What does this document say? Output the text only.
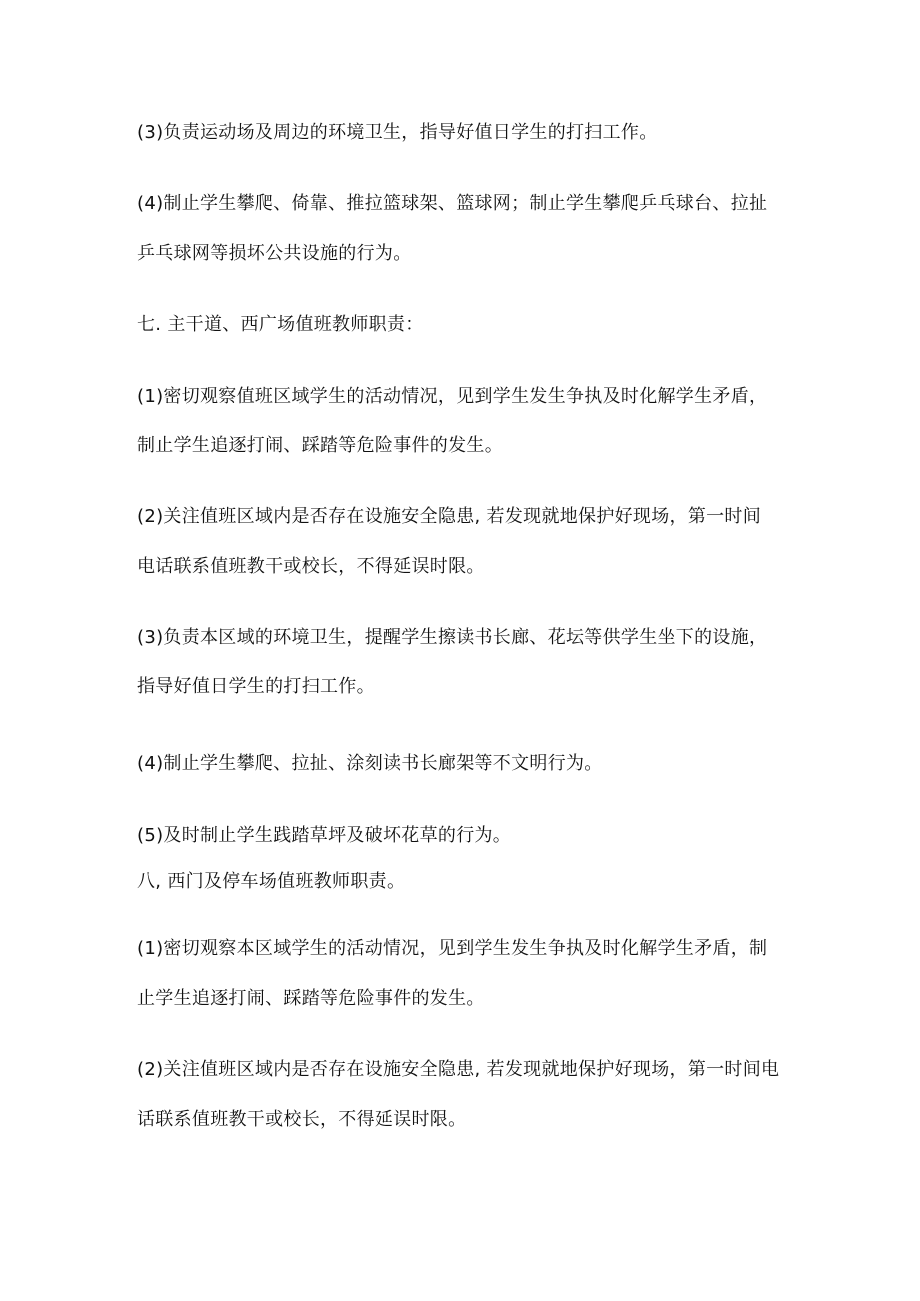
(3)负责运动场及周边的环境卫生，指导好值日学生的打扫工作。
(4)制止学生攀爬、倚靠、推拉篮球架、篮球网；制止学生攀爬乒乓球台、拉扯
乒乓球网等损坏公共设施的行为。
七. 主干道、西广场值班教师职责：
(1)密切观察值班区域学生的活动情况，见到学生发生争执及时化解学生矛盾，
制止学生追逐打闹、踩踏等危险事件的发生。
(2)关注值班区域内是否存在设施安全隐患, 若发现就地保护好现场，第一时间
电话联系值班教干或校长，不得延误时限。
(3)负责本区域的环境卫生，提醒学生擦读书长廊、花坛等供学生坐下的设施，
指导好值日学生的打扫工作。
(4)制止学生攀爬、拉扯、涂刻读书长廊架等不文明行为。
(5)及时制止学生践踏草坪及破坏花草的行为。
八, 西门及停车场值班教师职责。
(1)密切观察本区域学生的活动情况，见到学生发生争执及时化解学生矛盾，制
止学生追逐打闹、踩踏等危险事件的发生。
(2)关注值班区域内是否存在设施安全隐患, 若发现就地保护好现场，第一时间电
话联系值班教干或校长，不得延误时限。
